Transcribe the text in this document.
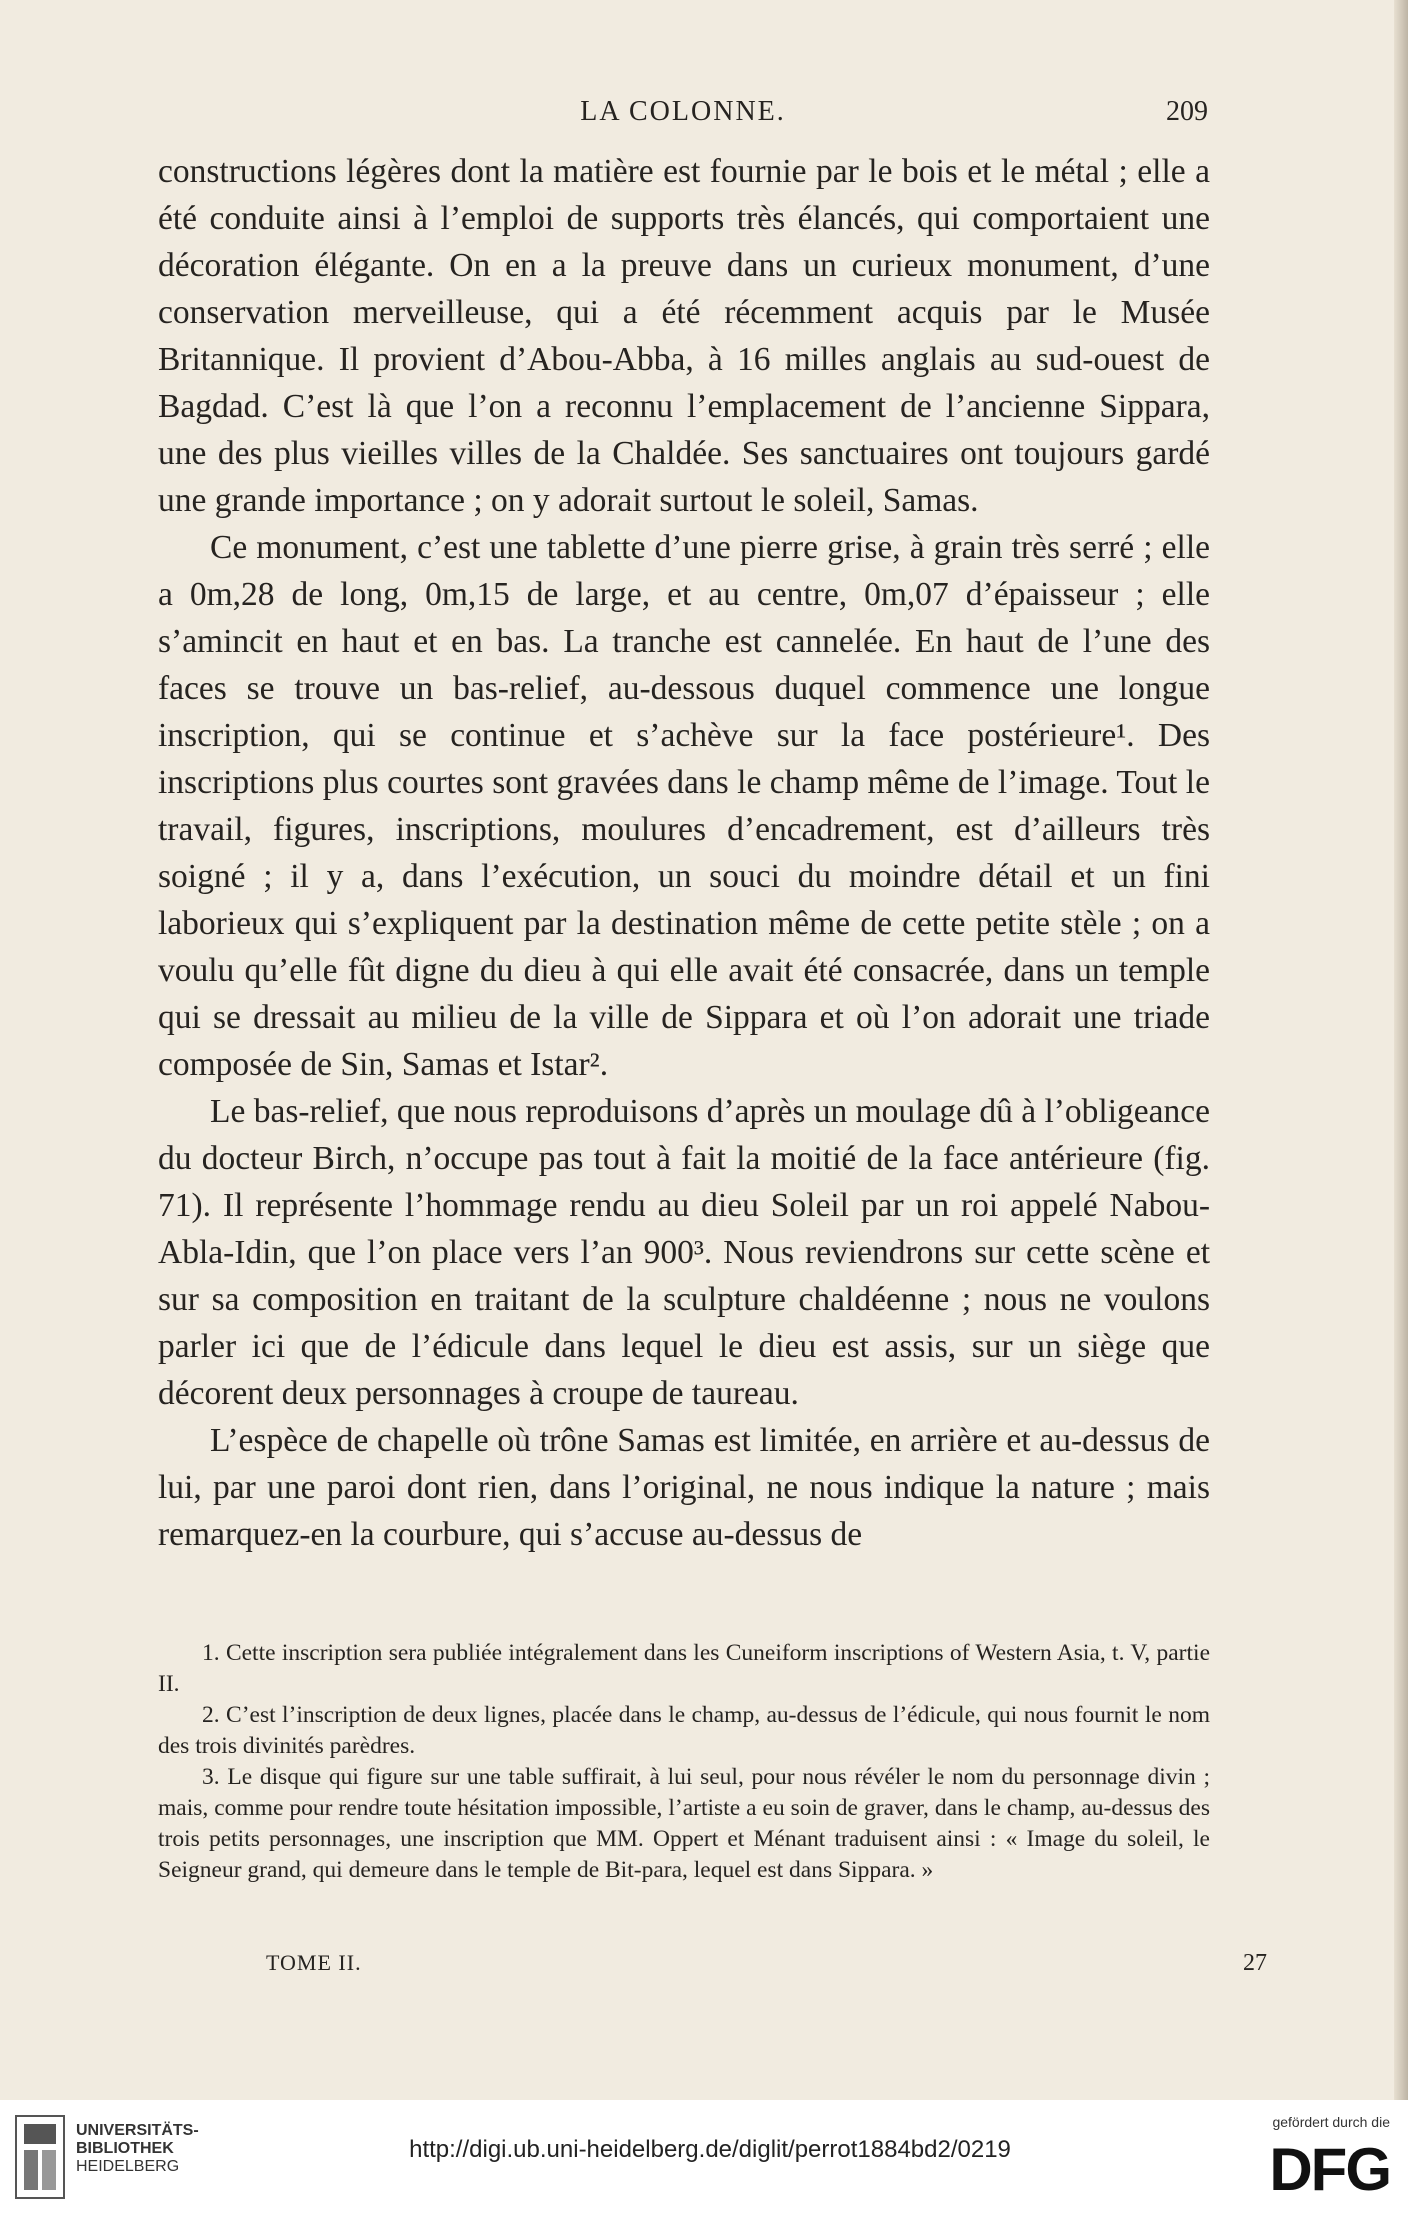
LA COLONNE.	209

constructions légères dont la matière est fournie par le bois et le métal ; elle a été conduite ainsi à l’emploi de supports très élancés, qui comportaient une décoration élégante. On en a la preuve dans un curieux monument, d’une conservation merveilleuse, qui a été récemment acquis par le Musée Britannique. Il provient d’Abou-Abba, à 16 milles anglais au sud-ouest de Bagdad. C’est là que l’on a reconnu l’emplacement de l’ancienne Sippara, une des plus vieilles villes de la Chaldée. Ses sanctuaires ont toujours gardé une grande importance ; on y adorait surtout le soleil, Samas.

Ce monument, c’est une tablette d’une pierre grise, à grain très serré ; elle a 0m,28 de long, 0m,15 de large, et au centre, 0m,07 d’épaisseur ; elle s’amincit en haut et en bas. La tranche est cannelée. En haut de l’une des faces se trouve un bas-relief, au-dessous duquel commence une longue inscription, qui se continue et s’achève sur la face postérieure¹. Des inscriptions plus courtes sont gravées dans le champ même de l’image. Tout le travail, figures, inscriptions, moulures d’encadrement, est d’ailleurs très soigné ; il y a, dans l’exécution, un souci du moindre détail et un fini laborieux qui s’expliquent par la destination même de cette petite stèle ; on a voulu qu’elle fût digne du dieu à qui elle avait été consacrée, dans un temple qui se dressait au milieu de la ville de Sippara et où l’on adorait une triade composée de Sin, Samas et Istar².

Le bas-relief, que nous reproduisons d’après un moulage dû à l’obligeance du docteur Birch, n’occupe pas tout à fait la moitié de la face antérieure (fig. 71). Il représente l’hommage rendu au dieu Soleil par un roi appelé Nabou-Abla-Idin, que l’on place vers l’an 900³. Nous reviendrons sur cette scène et sur sa composition en traitant de la sculpture chaldéenne ; nous ne voulons parler ici que de l’édicule dans lequel le dieu est assis, sur un siège que décorent deux personnages à croupe de taureau.

L’espèce de chapelle où trône Samas est limitée, en arrière et au-dessus de lui, par une paroi dont rien, dans l’original, ne nous indique la nature ; mais remarquez-en la courbure, qui s’accuse au-dessus de

1. Cette inscription sera publiée intégralement dans les Cuneiform inscriptions of Western Asia, t. V, partie II.

2. C’est l’inscription de deux lignes, placée dans le champ, au-dessus de l’édicule, qui nous fournit le nom des trois divinités parèdres.

3. Le disque qui figure sur une table suffirait, à lui seul, pour nous révéler le nom du personnage divin ; mais, comme pour rendre toute hésitation impossible, l’artiste a eu soin de graver, dans le champ, au-dessus des trois petits personnages, une inscription que MM. Oppert et Ménant traduisent ainsi : « Image du soleil, le Seigneur grand, qui demeure dans le temple de Bit-para, lequel est dans Sippara. »

TOME II.	27
UNIVERSITÄTS-
BIBLIOTHEK
HEIDELBERG
http://digi.ub.uni-heidelberg.de/diglit/perrot1884bd2/0219
gefördert durch die
DFG
